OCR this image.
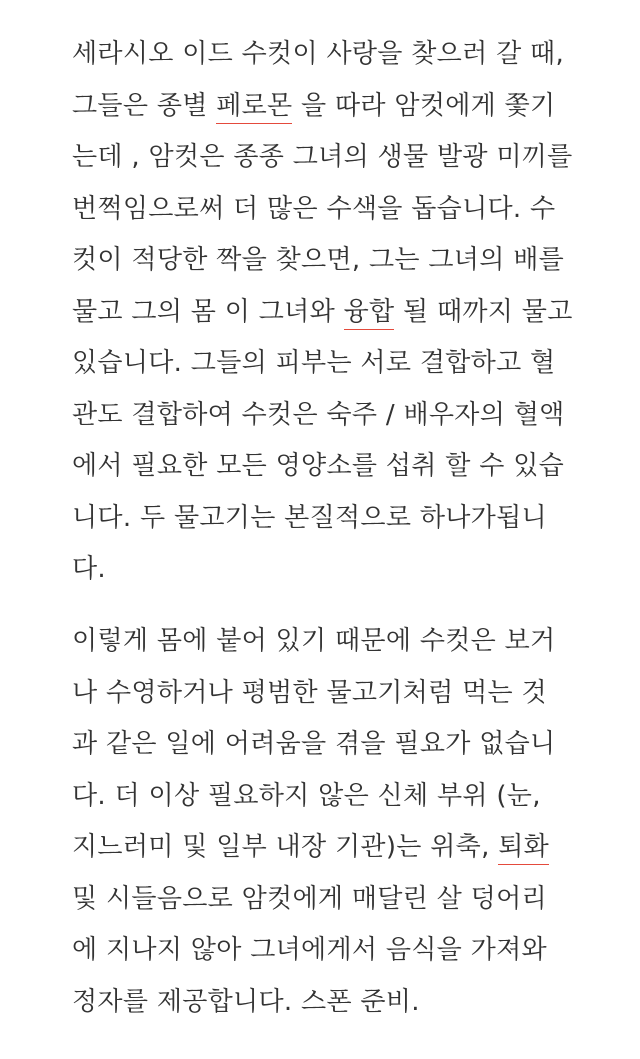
세라시오 이드 수컷이 사랑을 찾으러 갈 때,
그들은 종별 페로몬 을 따라 암컷에게 쫓기
는데 , 암컷은 종종 그녀의 생물 발광 미끼를
번쩍임으로써 더 많은 수색을 돕습니다. 수
컷이 적당한 짝을 찾으면, 그는 그녀의 배를
물고 그의 몸 이 그녀와 융합 될 때까지 물고
있습니다. 그들의 피부는 서로 결합하고 혈
관도 결합하여 수컷은 숙주 / 배우자의 혈액
에서 필요한 모든 영양소를 섭취 할 수 있습
니다. 두 물고기는 본질적으로 하나가됩니
다.
이렇게 몸에 붙어 있기 때문에 수컷은 보거
나 수영하거나 평범한 물고기처럼 먹는 것
과 같은 일에 어려움을 겪을 필요가 없습니
다. 더 이상 필요하지 않은 신체 부위 (눈,
지느러미 및 일부 내장 기관)는 위축, 퇴화
및 시들음으로 암컷에게 매달린 살 덩어리
에 지나지 않아 그녀에게서 음식을 가져와
정자를 제공합니다. 스폰 준비.
